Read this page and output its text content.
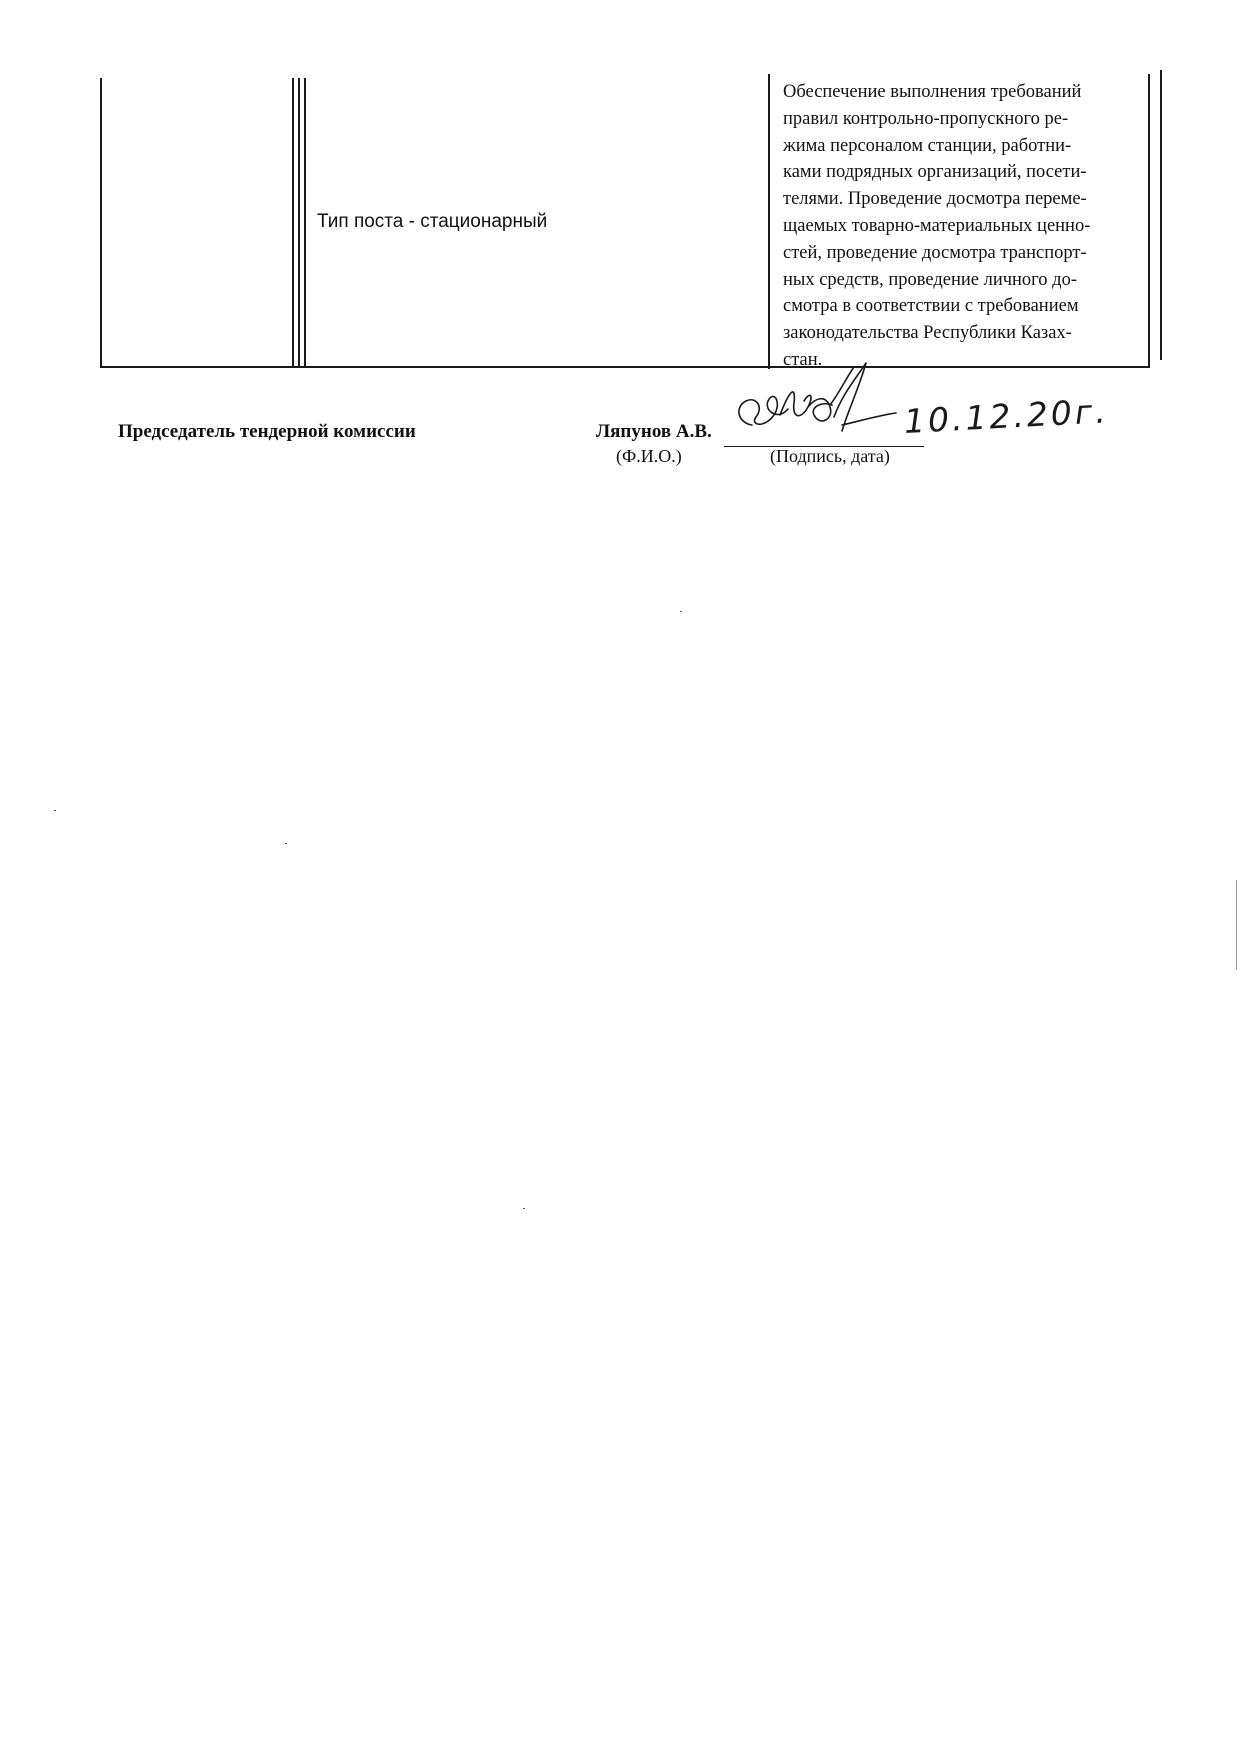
Тип поста - стационарный
Обеспечение выполнения требований
правил контрольно-пропускного ре-
жима персоналом станции, работни-
ками подрядных организаций, посети-
телями. Проведение досмотра переме-
щаемых товарно-материальных ценно-
стей, проведение досмотра транспорт-
ных средств, проведение личного до-
смотра в соответствии с требованием
законодательства Республики Казах-
стан.
Председатель тендерной комиссии	Ляпунов А.В.
(Ф.И.О.)	(Подпись, дата)
10.12.20г.
